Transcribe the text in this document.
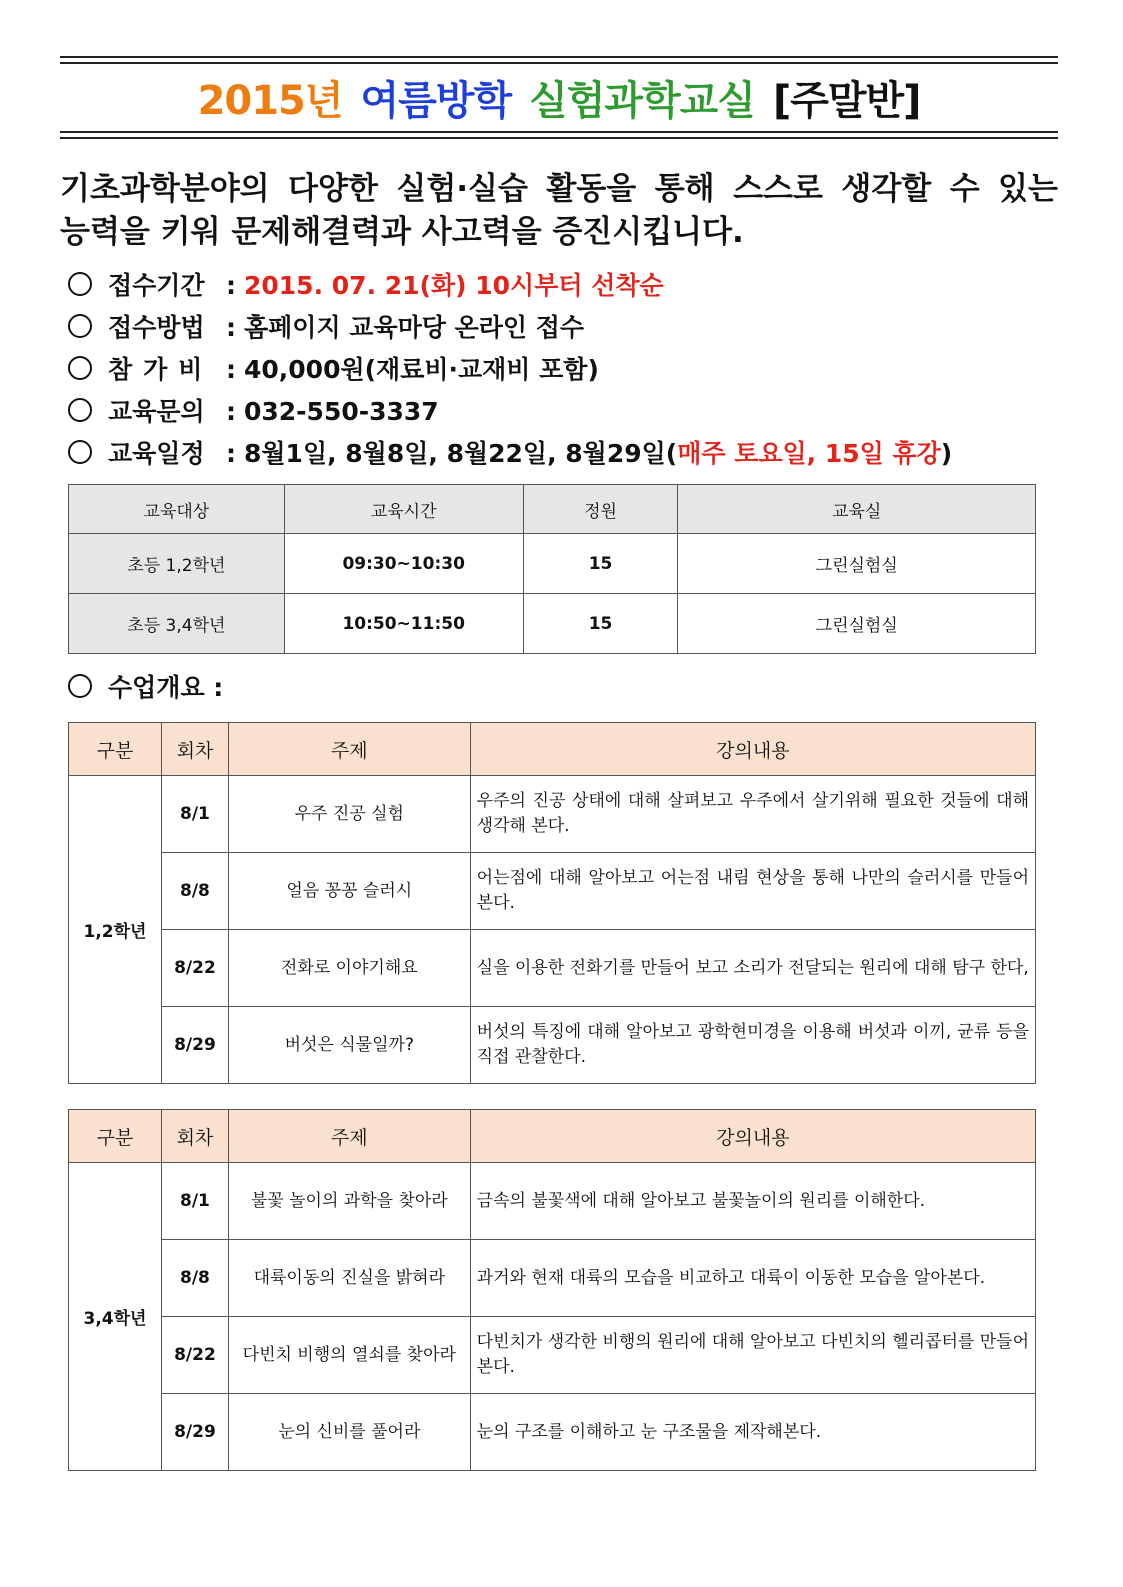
2015년 여름방학 실험과학교실 [주말반]
기초과학분야의 다양한 실험·실습 활동을 통해 스스로 생각할 수 있는
능력을 키워 문제해결력과 사고력을 증진시킵니다.
접수기간 : 2015. 07. 21(화) 10시부터 선착순
접수방법 : 홈페이지 교육마당 온라인 접수
참가비 : 40,000원(재료비·교재비 포함)
교육문의 : 032-550-3337
교육일정 : 8월1일, 8월8일, 8월22일, 8월29일(매주 토요일, 15일 휴강)
교육대상	교육시간	정원	교육실
초등 1,2학년	09:30~10:30	15	그린실험실
초등 3,4학년	10:50~11:50	15	그린실험실
수업개요 :
구분	회차	주제	강의내용
1,2학년	8/1	우주 진공 실험	우주의 진공 상태에 대해 살펴보고 우주에서 살기위해 필요한 것들에 대해 생각해 본다.
	8/8	얼음 꽁꽁 슬러시	어는점에 대해 알아보고 어는점 내림 현상을 통해 나만의 슬러시를 만들어 본다.
	8/22	전화로 이야기해요	실을 이용한 전화기를 만들어 보고 소리가 전달되는 원리에 대해 탐구 한다,
	8/29	버섯은 식물일까?	버섯의 특징에 대해 알아보고 광학현미경을 이용해 버섯과 이끼, 균류 등을 직접 관찰한다.
구분	회차	주제	강의내용
3,4학년	8/1	불꽃 놀이의 과학을 찾아라	금속의 불꽃색에 대해 알아보고 불꽃놀이의 원리를 이해한다.
	8/8	대륙이동의 진실을 밝혀라	과거와 현재 대륙의 모습을 비교하고 대륙이 이동한 모습을 알아본다.
	8/22	다빈치 비행의 열쇠를 찾아라	다빈치가 생각한 비행의 원리에 대해 알아보고 다빈치의 헬리콥터를 만들어 본다.
	8/29	눈의 신비를 풀어라	눈의 구조를 이해하고 눈 구조물을 제작해본다.
